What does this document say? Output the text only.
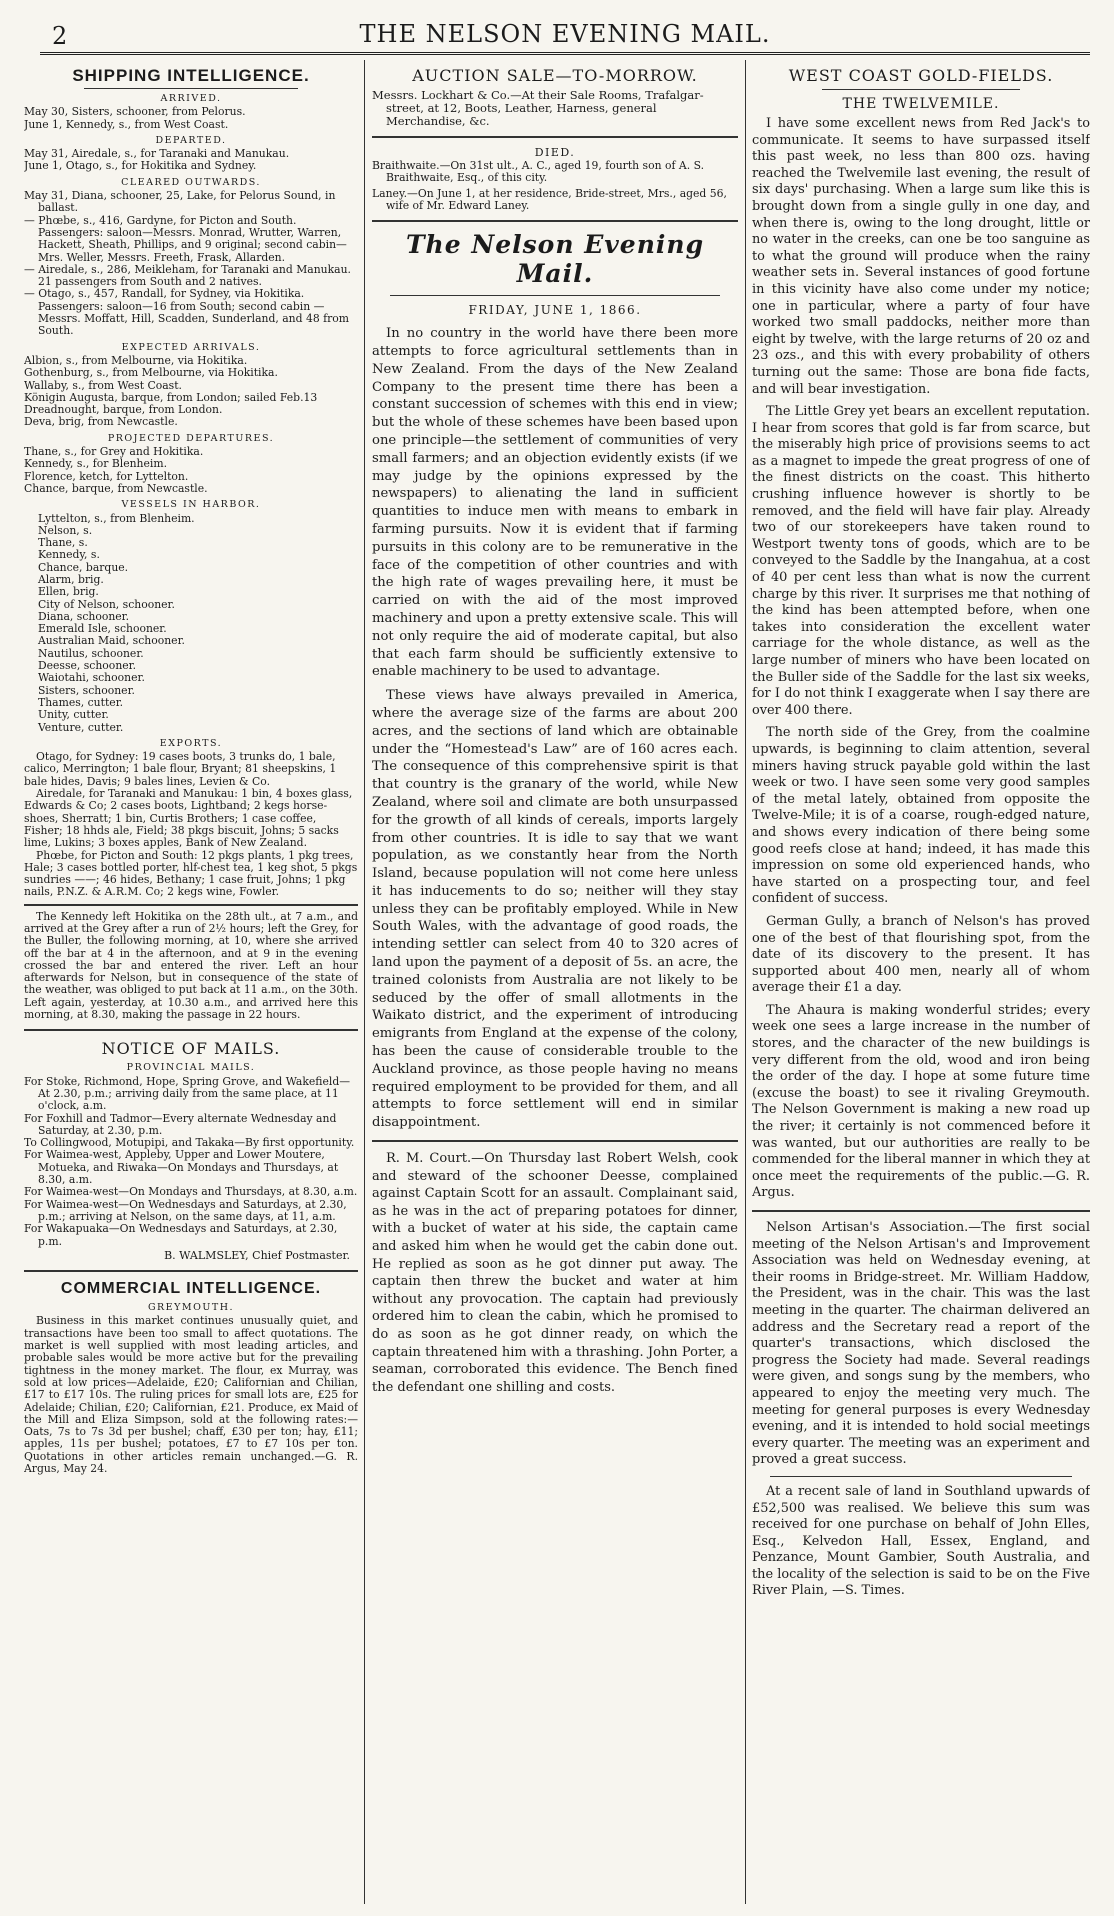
2	THE NELSON EVENING MAIL.
SHIPPING INTELLIGENCE.
ARRIVED.

May 30, Sisters, schooner, from Pelorus.

June 1, Kennedy, s., from West Coast.

DEPARTED.

May 31, Airedale, s., for Taranaki and Manukau.

June 1, Otago, s., for Hokitika and Sydney.

CLEARED OUTWARDS.

May 31, Diana, schooner, 25, Lake, for Pelorus Sound, in ballast.

— Phœbe, s., 416, Gardyne, for Picton and South. Passengers: saloon—Messrs. Monrad, Wrutter, Warren, Hackett, Sheath, Phillips, and 9 original; second cabin—Mrs. Weller, Messrs. Freeth, Frask, Allarden.

— Airedale, s., 286, Meikleham, for Taranaki and Manukau. 21 passengers from South and 2 natives.

— Otago, s., 457, Randall, for Sydney, via Hokitika. Passengers: saloon—16 from South; second cabin —Messrs. Moffatt, Hill, Scadden, Sunderland, and 48 from South.

EXPECTED ARRIVALS.

Albion, s., from Melbourne, via Hokitika.

Gothenburg, s., from Melbourne, via Hokitika.

Wallaby, s., from West Coast.

Königin Augusta, barque, from London; sailed Feb.13

Dreadnought, barque, from London.

Deva, brig, from Newcastle.

PROJECTED DEPARTURES.

Thane, s., for Grey and Hokitika.

Kennedy, s., for Blenheim.

Florence, ketch, for Lyttelton.

Chance, barque, from Newcastle.

VESSELS IN HARBOR.

Lyttelton, s., from Blenheim.

Nelson, s.

Thane, s.

Kennedy, s.

Chance, barque.

Alarm, brig.

Ellen, brig.

City of Nelson, schooner.

Diana, schooner.

Emerald Isle, schooner.

Australian Maid, schooner.

Nautilus, schooner.

Deesse, schooner.

Waiotahi, schooner.

Sisters, schooner.

Thames, cutter.

Unity, cutter.

Venture, cutter.

EXPORTS.

Otago, for Sydney: 19 cases boots, 3 trunks do, 1 bale, calico, Merrington; 1 bale flour, Bryant; 81 sheepskins, 1 bale hides, Davis; 9 bales lines, Levien & Co.

Airedale, for Taranaki and Manukau: 1 bin, 4 boxes glass, Edwards & Co; 2 cases boots, Lightband; 2 kegs horse-shoes, Sherratt; 1 bin, Curtis Brothers; 1 case coffee, Fisher; 18 hhds ale, Field; 38 pkgs biscuit, Johns; 5 sacks lime, Lukins; 3 boxes apples, Bank of New Zealand.

Phœbe, for Picton and South: 12 pkgs plants, 1 pkg trees, Hale; 3 cases bottled porter, hlf-chest tea, 1 keg shot, 5 pkgs sundries ——; 46 hides, Bethany; 1 case fruit, Johns; 1 pkg nails, P.N.Z. & A.R.M. Co; 2 kegs wine, Fowler.

The Kennedy left Hokitika on the 28th ult., at 7 a.m., and arrived at the Grey after a run of 2½ hours; left the Grey, for the Buller, the following morning, at 10, where she arrived off the bar at 4 in the afternoon, and at 9 in the evening crossed the bar and entered the river. Left an hour afterwards for Nelson, but in consequence of the state of the weather, was obliged to put back at 11 a.m., on the 30th. Left again, yesterday, at 10.30 a.m., and arrived here this morning, at 8.30, making the passage in 22 hours.

NOTICE OF MAILS.
PROVINCIAL MAILS.

For Stoke, Richmond, Hope, Spring Grove, and Wakefield—At 2.30, p.m.; arriving daily from the same place, at 11 o'clock, a.m.

For Foxhill and Tadmor—Every alternate Wednesday and Saturday, at 2.30, p.m.

To Collingwood, Motupipi, and Takaka—By first opportunity.

For Waimea-west, Appleby, Upper and Lower Moutere, Motueka, and Riwaka—On Mondays and Thursdays, at 8.30, a.m.

For Waimea-west—On Mondays and Thursdays, at 8.30, a.m.

For Waimea-west—On Wednesdays and Saturdays, at 2.30, p.m.; arriving at Nelson, on the same days, at 11, a.m.

For Wakapuaka—On Wednesdays and Saturdays, at 2.30, p.m.

B. WALMSLEY, Chief Postmaster.
COMMERCIAL INTELLIGENCE.
GREYMOUTH.

Business in this market continues unusually quiet, and transactions have been too small to affect quotations. The market is well supplied with most leading articles, and probable sales would be more active but for the prevailing tightness in the money market. The flour, ex Murray, was sold at low prices—Adelaide, £20; Californian and Chilian, £17 to £17 10s. The ruling prices for small lots are, £25 for Adelaide; Chilian, £20; Californian, £21. Produce, ex Maid of the Mill and Eliza Simpson, sold at the following rates:—Oats, 7s to 7s 3d per bushel; chaff, £30 per ton; hay, £11; apples, 11s per bushel; potatoes, £7 to £7 10s per ton. Quotations in other articles remain unchanged.—G. R. Argus, May 24.

AUCTION SALE—TO-MORROW.

Messrs. Lockhart & Co.—At their Sale Rooms, Trafalgar-street, at 12, Boots, Leather, Harness, general Merchandise, &c.

DIED.

Braithwaite.—On 31st ult., A. C., aged 19, fourth son of A. S. Braithwaite, Esq., of this city.

Laney.—On June 1, at her residence, Bride-street, Mrs., aged 56, wife of Mr. Edward Laney.

The Nelson Evening Mail.
FRIDAY, JUNE 1, 1866.

In no country in the world have there been more attempts to force agricultural settlements than in New Zealand. From the days of the New Zealand Company to the present time there has been a constant succession of schemes with this end in view; but the whole of these schemes have been based upon one principle—the settlement of communities of very small farmers; and an objection evidently exists (if we may judge by the opinions expressed by the newspapers) to alienating the land in sufficient quantities to induce men with means to embark in farming pursuits. Now it is evident that if farming pursuits in this colony are to be remunerative in the face of the competition of other countries and with the high rate of wages prevailing here, it must be carried on with the aid of the most improved machinery and upon a pretty extensive scale. This will not only require the aid of moderate capital, but also that each farm should be sufficiently extensive to enable machinery to be used to advantage.

These views have always prevailed in America, where the average size of the farms are about 200 acres, and the sections of land which are obtainable under the “Homestead's Law” are of 160 acres each. The consequence of this comprehensive spirit is that that country is the granary of the world, while New Zealand, where soil and climate are both unsurpassed for the growth of all kinds of cereals, imports largely from other countries. It is idle to say that we want population, as we constantly hear from the North Island, because population will not come here unless it has inducements to do so; neither will they stay unless they can be profitably employed. While in New South Wales, with the advantage of good roads, the intending settler can select from 40 to 320 acres of land upon the payment of a deposit of 5s. an acre, the trained colonists from Australia are not likely to be seduced by the offer of small allotments in the Waikato district, and the experiment of introducing emigrants from England at the expense of the colony, has been the cause of considerable trouble to the Auckland province, as those people having no means required employment to be provided for them, and all attempts to force settlement will end in similar disappointment.

R. M. Court.—On Thursday last Robert Welsh, cook and steward of the schooner Deesse, complained against Captain Scott for an assault. Complainant said, as he was in the act of preparing potatoes for dinner, with a bucket of water at his side, the captain came and asked him when he would get the cabin done out. He replied as soon as he got dinner put away. The captain then threw the bucket and water at him without any provocation. The captain had previously ordered him to clean the cabin, which he promised to do as soon as he got dinner ready, on which the captain threatened him with a thrashing. John Porter, a seaman, corroborated this evidence. The Bench fined the defendant one shilling and costs.

WEST COAST GOLD-FIELDS.
THE TWELVEMILE.

I have some excellent news from Red Jack's to communicate. It seems to have surpassed itself this past week, no less than 800 ozs. having reached the Twelvemile last evening, the result of six days' purchasing. When a large sum like this is brought down from a single gully in one day, and when there is, owing to the long drought, little or no water in the creeks, can one be too sanguine as to what the ground will produce when the rainy weather sets in. Several instances of good fortune in this vicinity have also come under my notice; one in particular, where a party of four have worked two small paddocks, neither more than eight by twelve, with the large returns of 20 oz and 23 ozs., and this with every probability of others turning out the same: Those are bona fide facts, and will bear investigation.

The Little Grey yet bears an excellent reputation. I hear from scores that gold is far from scarce, but the miserably high price of provisions seems to act as a magnet to impede the great progress of one of the finest districts on the coast. This hitherto crushing influence however is shortly to be removed, and the field will have fair play. Already two of our storekeepers have taken round to Westport twenty tons of goods, which are to be conveyed to the Saddle by the Inangahua, at a cost of 40 per cent less than what is now the current charge by this river. It surprises me that nothing of the kind has been attempted before, when one takes into consideration the excellent water carriage for the whole distance, as well as the large number of miners who have been located on the Buller side of the Saddle for the last six weeks, for I do not think I exaggerate when I say there are over 400 there.

The north side of the Grey, from the coalmine upwards, is beginning to claim attention, several miners having struck payable gold within the last week or two. I have seen some very good samples of the metal lately, obtained from opposite the Twelve-Mile; it is of a coarse, rough-edged nature, and shows every indication of there being some good reefs close at hand; indeed, it has made this impression on some old experienced hands, who have started on a prospecting tour, and feel confident of success.

German Gully, a branch of Nelson's has proved one of the best of that flourishing spot, from the date of its discovery to the present. It has supported about 400 men, nearly all of whom average their £1 a day.

The Ahaura is making wonderful strides; every week one sees a large increase in the number of stores, and the character of the new buildings is very different from the old, wood and iron being the order of the day. I hope at some future time (excuse the boast) to see it rivaling Greymouth. The Nelson Government is making a new road up the river; it certainly is not commenced before it was wanted, but our authorities are really to be commended for the liberal manner in which they at once meet the requirements of the public.—G. R. Argus.

Nelson Artisan's Association.—The first social meeting of the Nelson Artisan's and Improvement Association was held on Wednesday evening, at their rooms in Bridge-street. Mr. William Haddow, the President, was in the chair. This was the last meeting in the quarter. The chairman delivered an address and the Secretary read a report of the quarter's transactions, which disclosed the progress the Society had made. Several readings were given, and songs sung by the members, who appeared to enjoy the meeting very much. The meeting for general purposes is every Wednesday evening, and it is intended to hold social meetings every quarter. The meeting was an experiment and proved a great success.

At a recent sale of land in Southland upwards of £52,500 was realised. We believe this sum was received for one purchase on behalf of John Elles, Esq., Kelvedon Hall, Essex, England, and Penzance, Mount Gambier, South Australia, and the locality of the selection is said to be on the Five River Plain, —S. Times.
